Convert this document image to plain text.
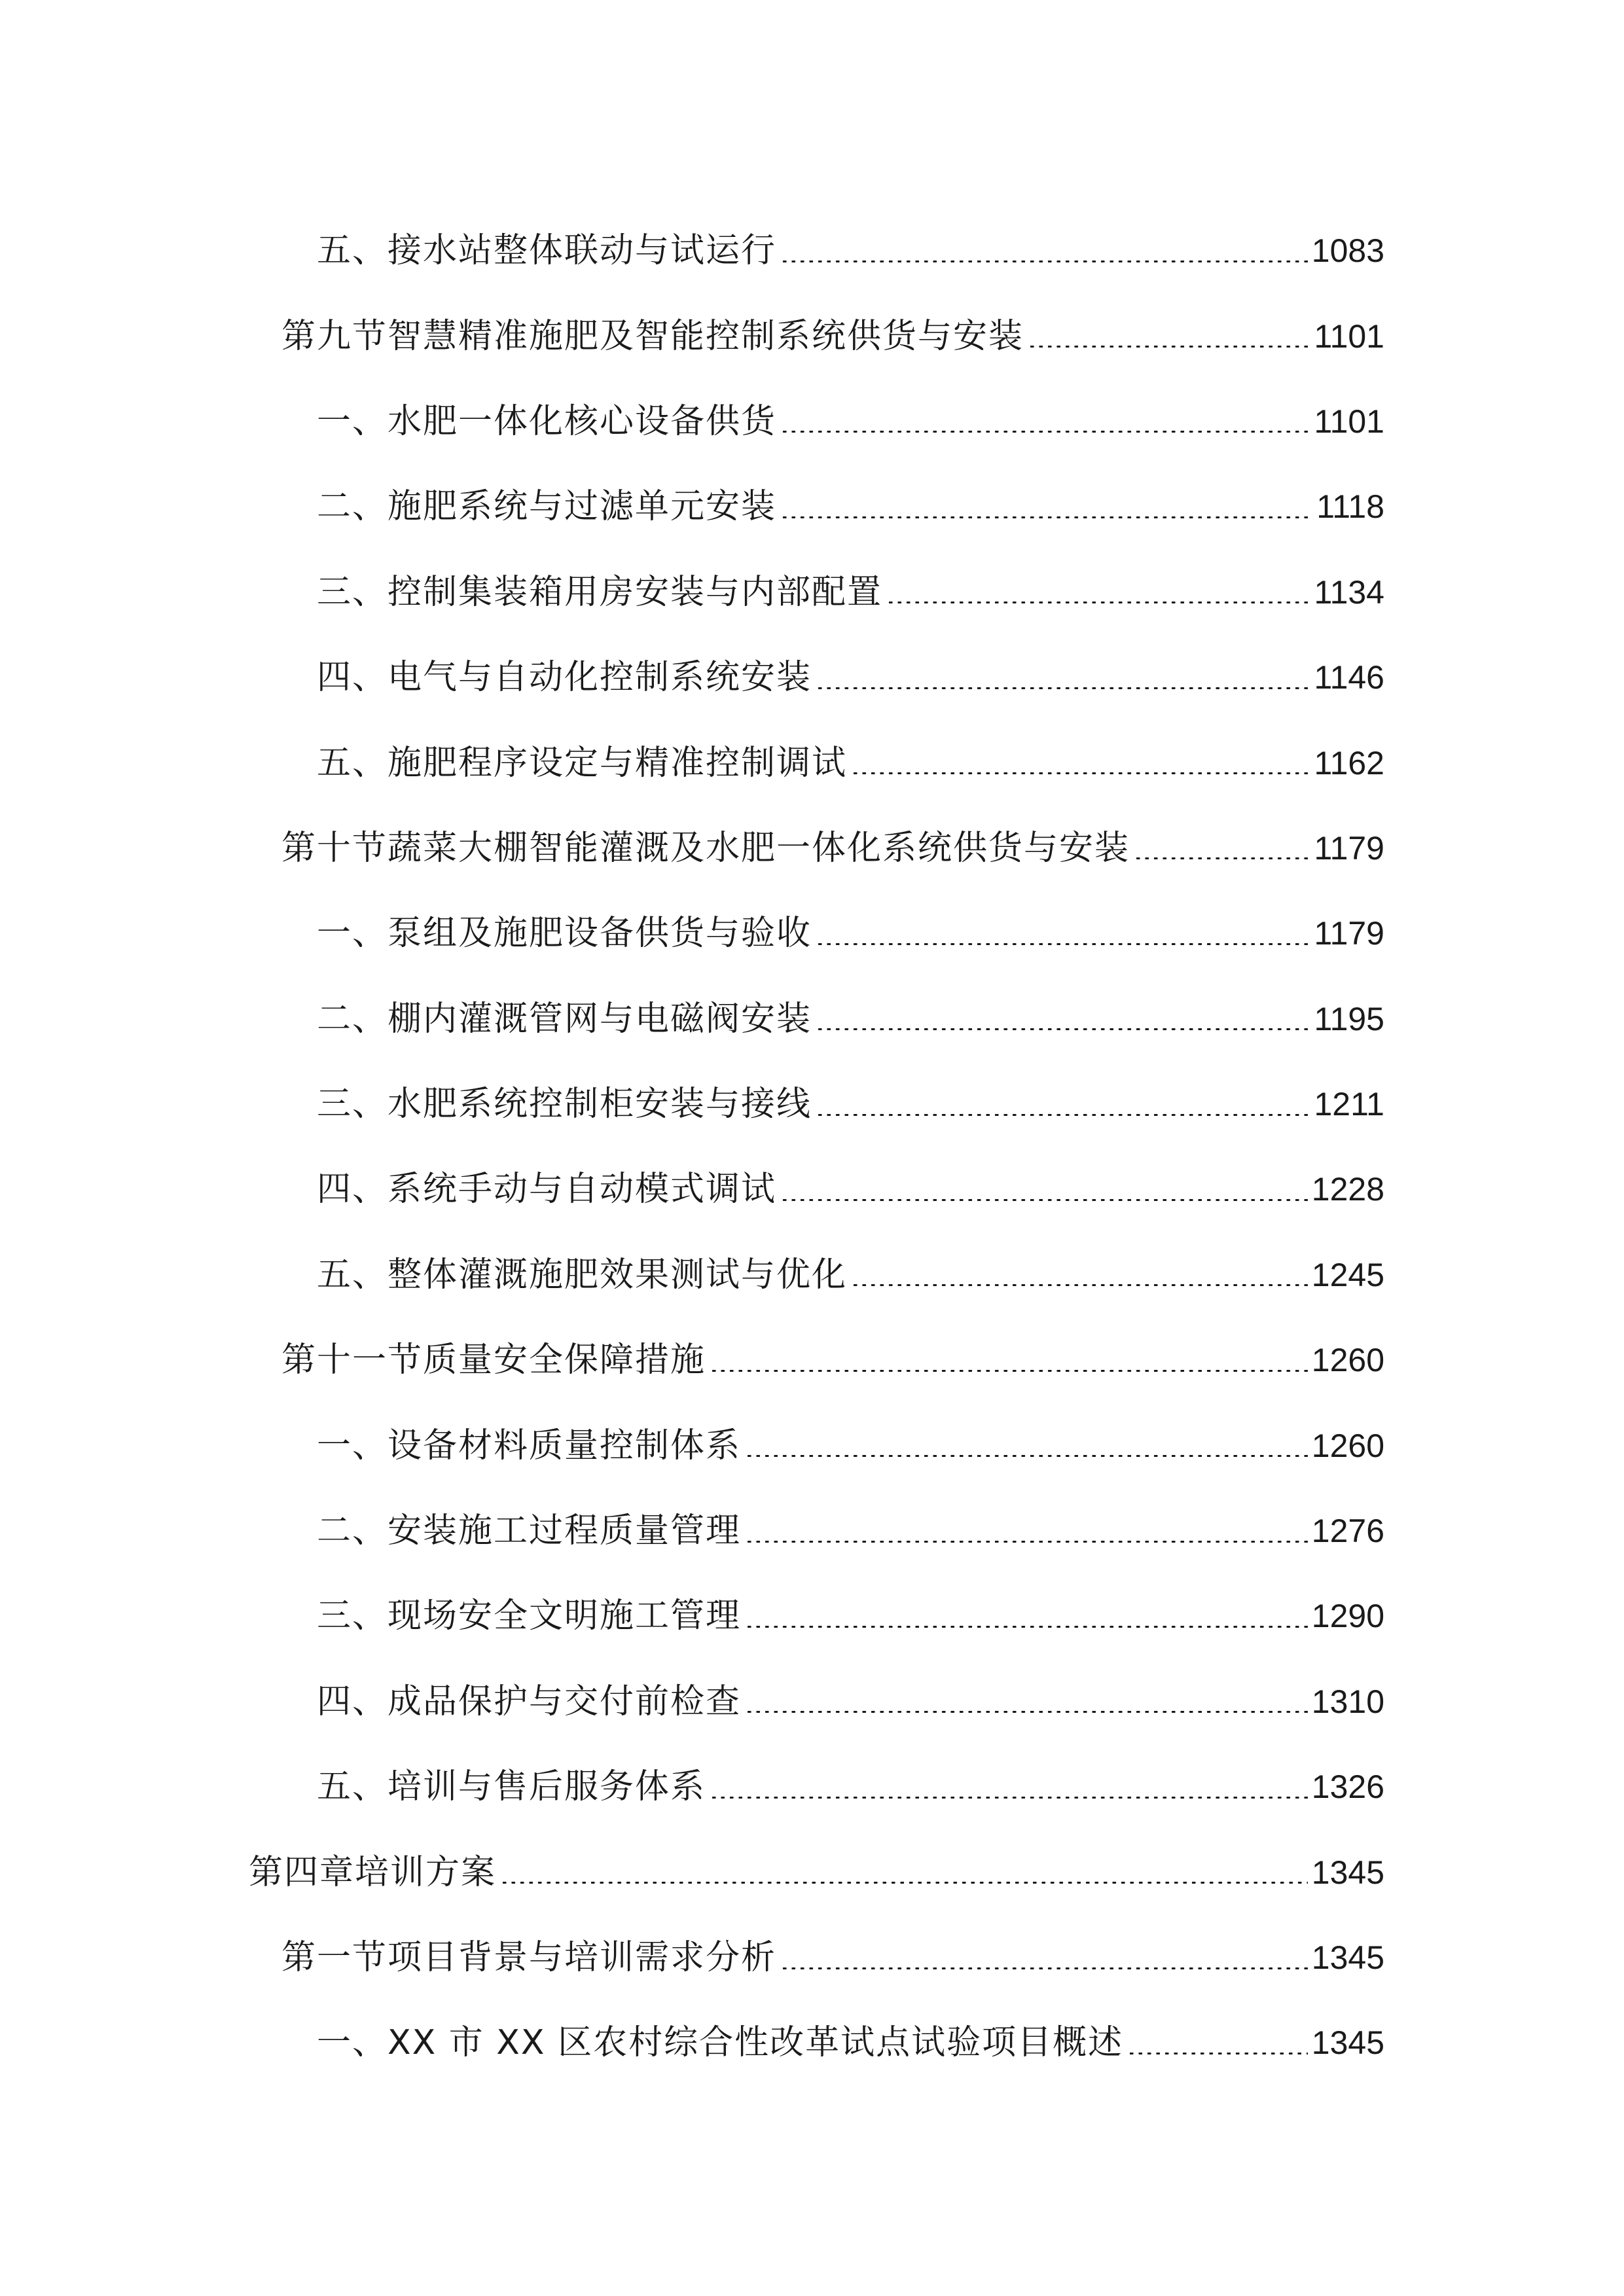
五、接水站整体联动与试运行	1083
第九节智慧精准施肥及智能控制系统供货与安装	1101
一、水肥一体化核心设备供货	1101
二、施肥系统与过滤单元安装	1118
三、控制集装箱用房安装与内部配置	1134
四、电气与自动化控制系统安装	1146
五、施肥程序设定与精准控制调试	1162
第十节蔬菜大棚智能灌溉及水肥一体化系统供货与安装	1179
一、泵组及施肥设备供货与验收	1179
二、棚内灌溉管网与电磁阀安装	1195
三、水肥系统控制柜安装与接线	1211
四、系统手动与自动模式调试	1228
五、整体灌溉施肥效果测试与优化	1245
第十一节质量安全保障措施	1260
一、设备材料质量控制体系	1260
二、安装施工过程质量管理	1276
三、现场安全文明施工管理	1290
四、成品保护与交付前检查	1310
五、培训与售后服务体系	1326
第四章培训方案	1345
第一节项目背景与培训需求分析	1345
一、XX 市 XX 区农村综合性改革试点试验项目概述	1345
